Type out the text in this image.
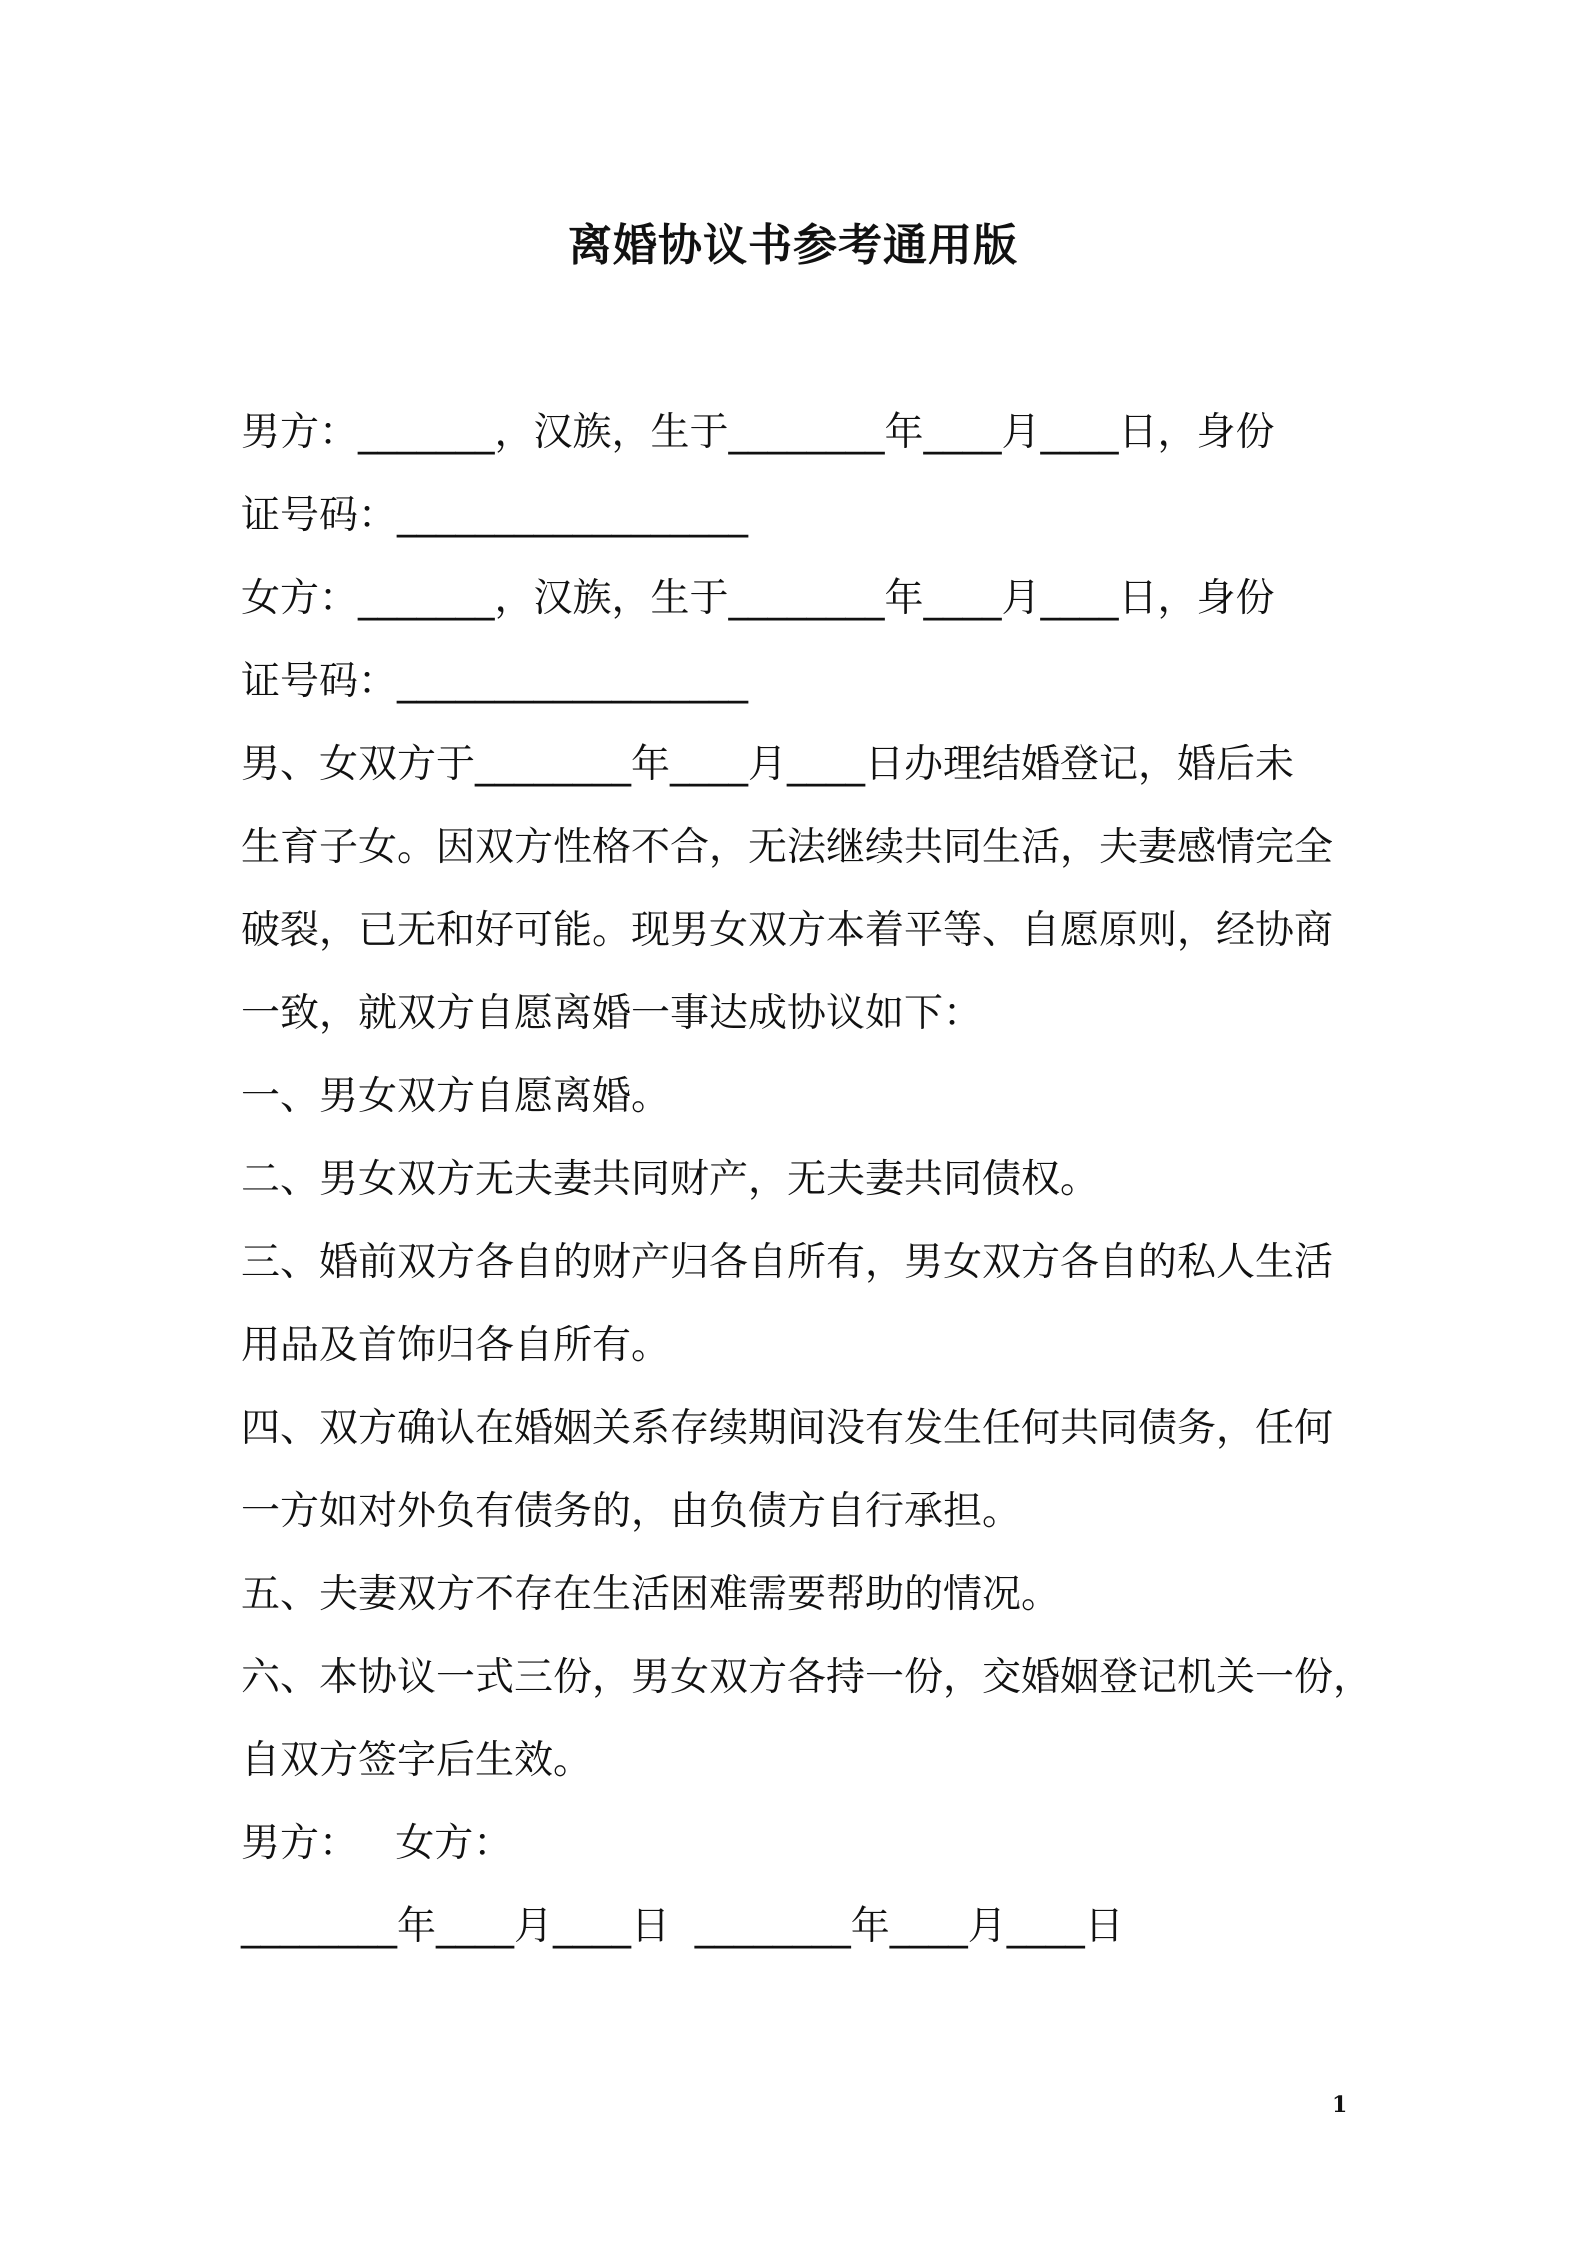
离婚协议书参考通用版
男方：_______，汉族，生于________年____月____日，身份
证号码：__________________
女方：_______，汉族，生于________年____月____日，身份
证号码：__________________
男、女双方于________年____月____日办理结婚登记，婚后未
生育子女。因双方性格不合，无法继续共同生活，夫妻感情完全
破裂，已无和好可能。现男女双方本着平等、自愿原则，经协商
一致，就双方自愿离婚一事达成协议如下：
一、男女双方自愿离婚。
二、男女双方无夫妻共同财产，无夫妻共同债权。
三、婚前双方各自的财产归各自所有，男女双方各自的私人生活
用品及首饰归各自所有。
四、双方确认在婚姻关系存续期间没有发生任何共同债务，任何
一方如对外负有债务的，由负债方自行承担。
五、夫妻双方不存在生活困难需要帮助的情况。
六、本协议一式三份，男女双方各持一份，交婚姻登记机关一份，
自双方签字后生效。
男方：   女方：
________年____月____日  ________年____月____日
1
